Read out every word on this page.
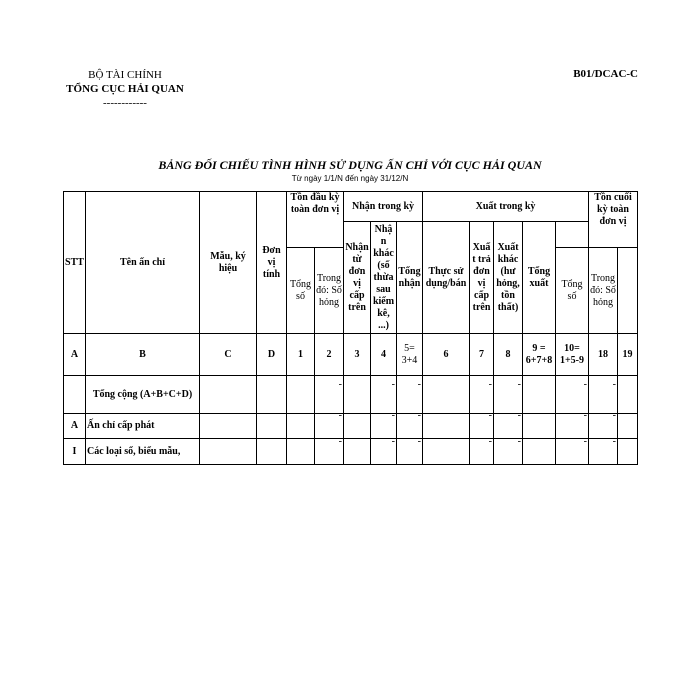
BỘ TÀI CHÍNH
TỔNG CỤC HẢI QUAN
------------
B01/DCAC-C
BẢNG ĐỐI CHIẾU TÌNH HÌNH SỬ DỤNG ẤN CHỈ VỚI CỤC HẢI QUAN
Từ ngày 1/1/N đến ngày 31/12/N
STT	Tên ấn chỉ	Mẫu, ký hiệu	Đơn vị tính	Tồn đầu kỳ toàn đơn vị		Nhận trong kỳ			Xuất trong kỳ					Tồn cuối kỳ toàn đơn vị	
						Nhận từ đơn vị cấp trên	Nhận khác (số thừa sau kiểm kê, ...)	Tổng nhận	Thực sử dụng/bán	Xuất trả đơn vị cấp trên	Xuất khác (hư hỏng, tồn thất)	Tổng xuất				
				Tổng số	Trong đó: Số hỏng								Tổng số	Trong đó: Số hỏng		
A	B	C	D	1	2	3	4	5= 3+4	6	7	8	9 = 6+7+8	10= 1+5-9	18	19	
	Tổng cộng (A+B+C+D)				-		-	-		-	-		-	-		

A	Ấn chỉ cấp phát				-		-	-		-	-		-	-		

I	Các loại sổ, biểu mẫu,				-		-	-		-	-		-	-		
